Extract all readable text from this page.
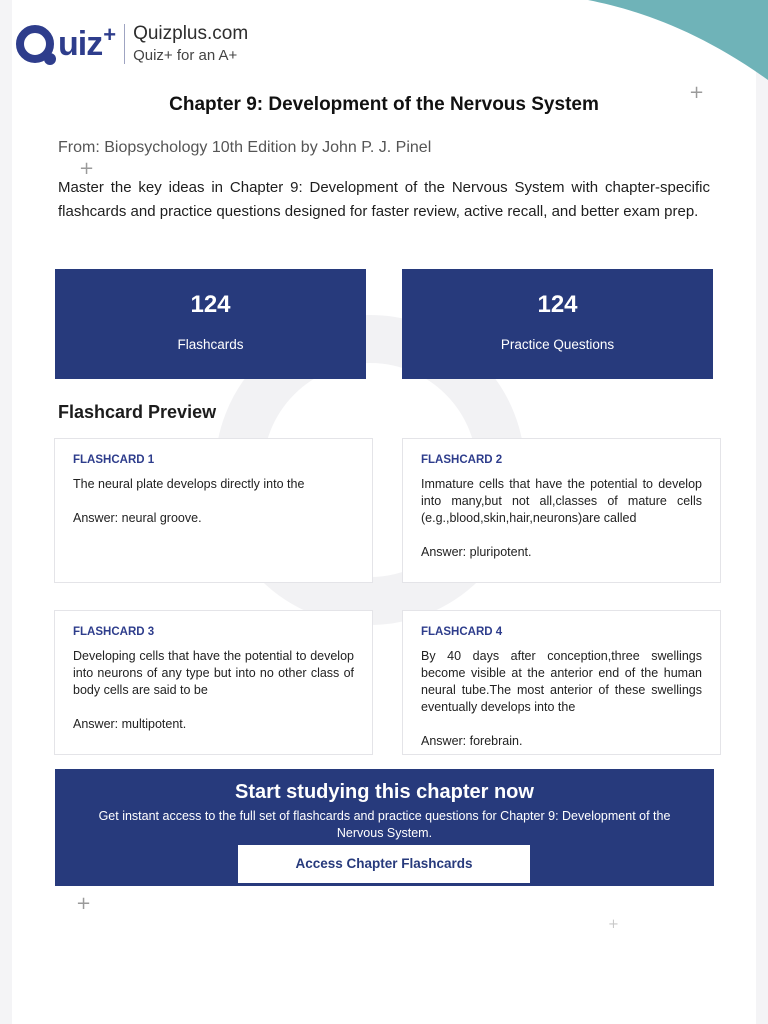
+
+
+
+
uiz + Quizplus.com
Quiz+ for an A+
Chapter 9: Development of the Nervous System
From: Biopsychology 10th Edition by John P. J. Pinel

Master the key ideas in Chapter 9: Development of the Nervous System with chapter-specific flashcards and practice questions designed for faster review, active recall, and better exam prep.

124
Flashcards
124
Practice Questions
Flashcard Preview
FLASHCARD 1
The neural plate develops directly into the
Answer: neural groove.
FLASHCARD 2
Immature cells that have the potential to develop into many,but not all,classes of mature cells (e.g.,blood,skin,hair,neurons)are called
Answer: pluripotent.
FLASHCARD 3
Developing cells that have the potential to develop into neurons of any type but into no other class of body cells are said to be
Answer: multipotent.
FLASHCARD 4
By 40 days after conception,three swellings become visible at the anterior end of the human neural tube.The most anterior of these swellings eventually develops into the
Answer: forebrain.
Start studying this chapter now
Get instant access to the full set of flashcards and practice questions for Chapter 9: Development of the Nervous System.
Access Chapter Flashcards
